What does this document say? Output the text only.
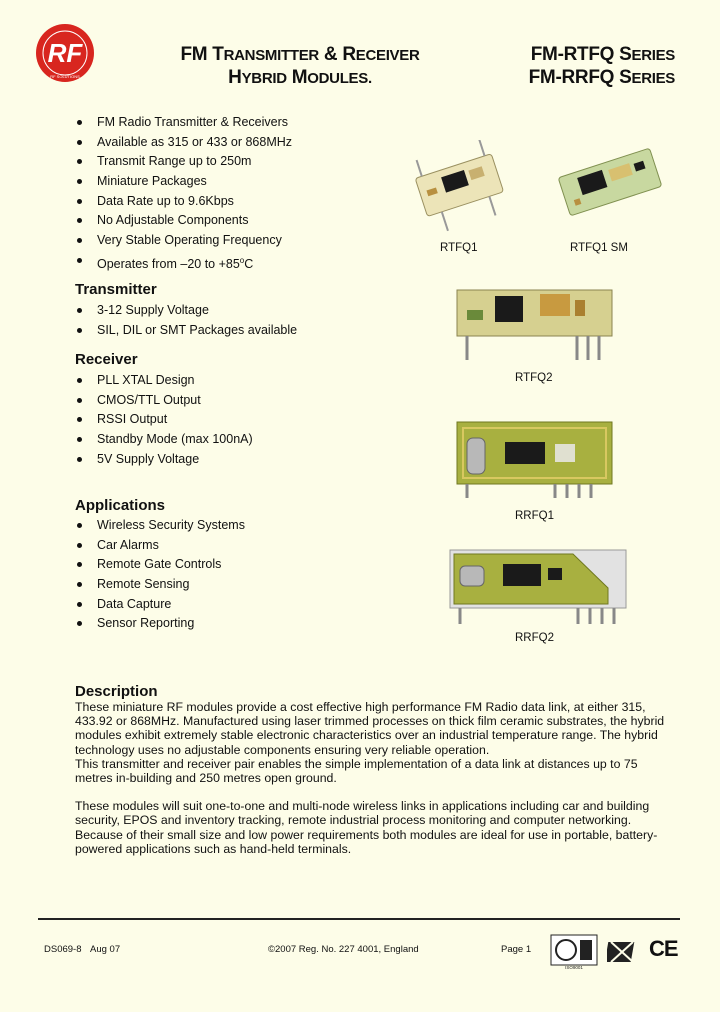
RF
RF SOLUTIONS
FM TRANSMITTER & RECEIVER
HYBRID MODULES.
FM-RTFQ SERIES
FM-RRFQ SERIES
FM Radio Transmitter & Receivers
Available as 315 or 433 or 868MHz
Transmit Range up to 250m
Miniature Packages
Data Rate up to 9.6Kbps
No Adjustable Components
Very Stable Operating Frequency
Operates from –20 to $+85^oC$
Transmitter
3-12 Supply Voltage
SIL, DIL or SMT Packages available
Receiver
PLL XTAL Design
CMOS/TTL Output
RSSI Output
Standby Mode (max 100nA)
5V Supply Voltage
Applications
Wireless Security Systems
Car Alarms
Remote Gate Controls
Remote Sensing
Data Capture
Sensor Reporting
RTFQ1	RTFQ1 SM
RTFQ2
RRFQ1
RRFQ2
Description

These miniature RF modules provide a cost effective high performance FM Radio data link, at either 315, 433.92 or 868MHz. Manufactured using laser trimmed processes on thick film ceramic substrates, the hybrid modules exhibit extremely stable electronic characteristics over an industrial temperature range. The hybrid technology uses no adjustable components ensuring very reliable operation.

This transmitter and receiver pair enables the simple implementation of a data link at distances up to 75 metres in-building and 250 metres open ground.

These modules will suit one-to-one and multi-node wireless links in applications including car and building security, EPOS and inventory tracking, remote industrial process monitoring and computer networking.

Because of their small size and low power requirements both modules are ideal for use in portable, battery-powered applications such as hand-held terminals.

DS069-8 Aug 07	©2007 Reg. No. 227 4001, England	Page 1
ISO9001
CE
